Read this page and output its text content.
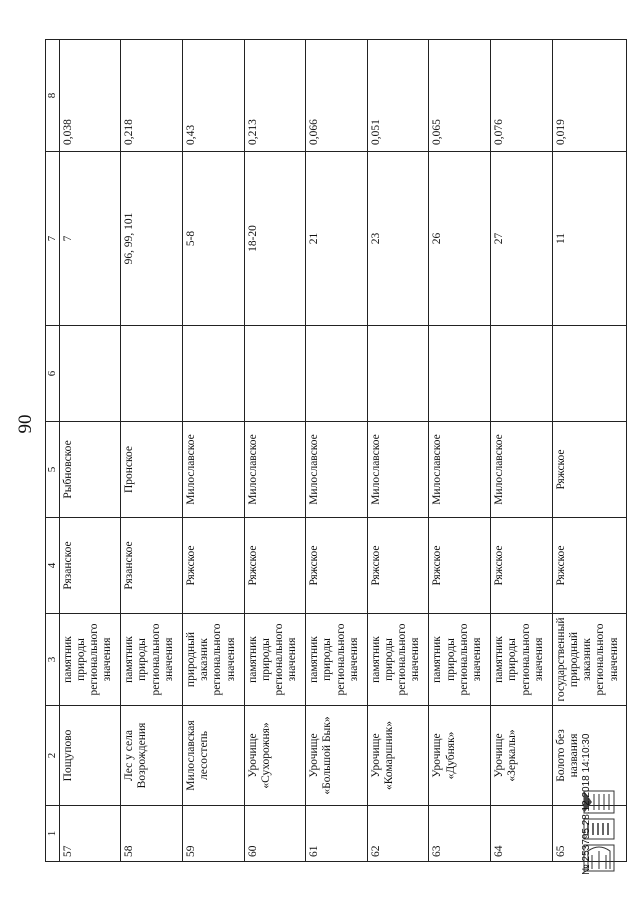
90
1	2	3	4	5	6	7	8
57	Пощупово	памятник природы регионального значения	Рязанское	Рыбновское		7	0,038
58	Лес у села Возрождения	памятник природы регионального значения	Рязанское	Пронское		96, 99, 101	0,218
59	Милославская лесостепь	природный заказник регионального значения	Ряжское	Милославское		5-8	0,43
60	Урочище «Сухорожня»	памятник природы регионального значения	Ряжское	Милославское		18-20	0,213
61	Урочище «Большой Бык»	памятник природы регионального значения	Ряжское	Милославское		21	0,066
62	Урочище «Комаршник»	памятник природы регионального значения	Ряжское	Милославское		23	0,051
63	Урочище «Дубняк»	памятник природы регионального значения	Ряжское	Милославское		26	0,065
64	Урочище «Зеркалы»	памятник природы регионального значения	Ряжское	Милославское		27	0,076
65	Болото без названия	государственный природный заказник регионального значения	Ряжское	Ряжское		11	0,019
№ 253795 28.12.2018 14:10:30
